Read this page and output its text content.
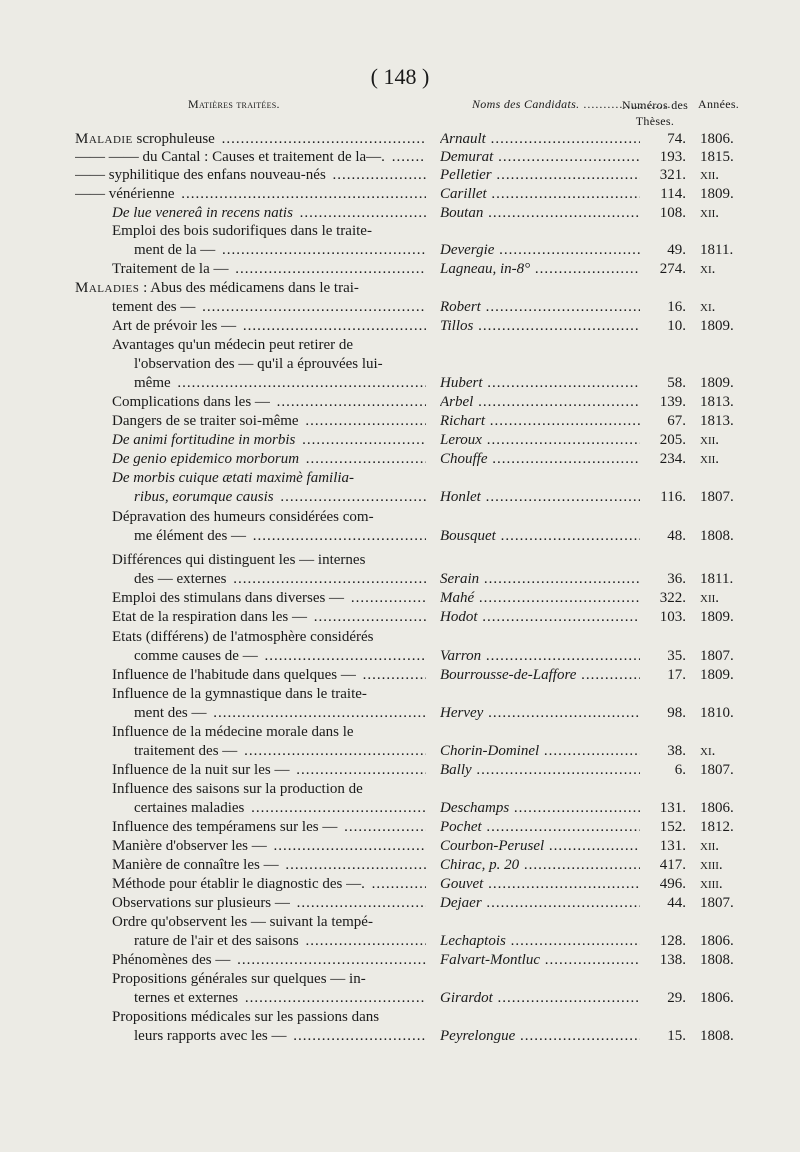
( 148 )
Matières traitées.	Noms des Candidats. .....	Numéros des Thèses.
Années.
Maladie scrophuleuse .....	Arnault .....	74. 1806.
—— —— du Cantal : Causes et traitement de la—. .....	Demurat .....	193. 1815.
—— syphilitique des enfans nouveau-nés .....	Pelletier .....	321. xii.
—— vénérienne .....	Carillet .....	114. 1809.
De lue venereâ in recens natis .....	Boutan .....	108. xii.
Emploi des bois sudorifiques dans le traite-
ment de la — .....	Devergie .....	49. 1811.
Traitement de la — .....	Lagneau, in-8° .....	274. xi.
Maladies : Abus des médicamens dans le trai-
tement des — .....	Robert .....	16. xi.
Art de prévoir les — .....	Tillos .....	10. 1809.
Avantages qu'un médecin peut retirer de
l'observation des — qu'il a éprouvées lui-
même .....	Hubert .....	58. 1809.
Complications dans les — .....	Arbel .....	139. 1813.
Dangers de se traiter soi-même .....	Richart .....	67. 1813.
De animi fortitudine in morbis .....	Leroux .....	205. xii.
De genio epidemico morborum .....	Chouffe .....	234. xii.
De morbis cuique ætati maximè familia-
ribus, eorumque causis .....	Honlet .....	116. 1807.
Dépravation des humeurs considérées com-
me élément des — .....	Bousquet .....	48. 1808.
Différences qui distinguent les — internes
des — externes .....	Serain .....	36. 1811.
Emploi des stimulans dans diverses — .....	Mahé .....	322. xii.
Etat de la respiration dans les — .....	Hodot .....	103. 1809.
Etats (différens) de l'atmosphère considérés
comme causes de — .....	Varron .....	35. 1807.
Influence de l'habitude dans quelques — .....	Bourrousse-de-Laffore .....	17. 1809.
Influence de la gymnastique dans le traite-
ment des — .....	Hervey .....	98. 1810.
Influence de la médecine morale dans le
traitement des — .....	Chorin-Dominel .....	38. xi.
Influence de la nuit sur les — .....	Bally .....	6. 1807.
Influence des saisons sur la production de
certaines maladies .....	Deschamps .....	131. 1806.
Influence des tempéramens sur les — .....	Pochet .....	152. 1812.
Manière d'observer les — .....	Courbon-Perusel .....	131. xii.
Manière de connaître les — .....	Chirac, p. 20 .....	417. xiii.
Méthode pour établir le diagnostic des —. .....	Gouvet .....	496. xiii.
Observations sur plusieurs — .....	Dejaer .....	44. 1807.
Ordre qu'observent les — suivant la tempé-
rature de l'air et des saisons .....	Lechaptois .....	128. 1806.
Phénomènes des — .....	Falvart-Montluc .....	138. 1808.
Propositions générales sur quelques — in-
ternes et externes .....	Girardot .....	29. 1806.
Propositions médicales sur les passions dans
leurs rapports avec les — .....	Peyrelongue .....	15. 1808.
